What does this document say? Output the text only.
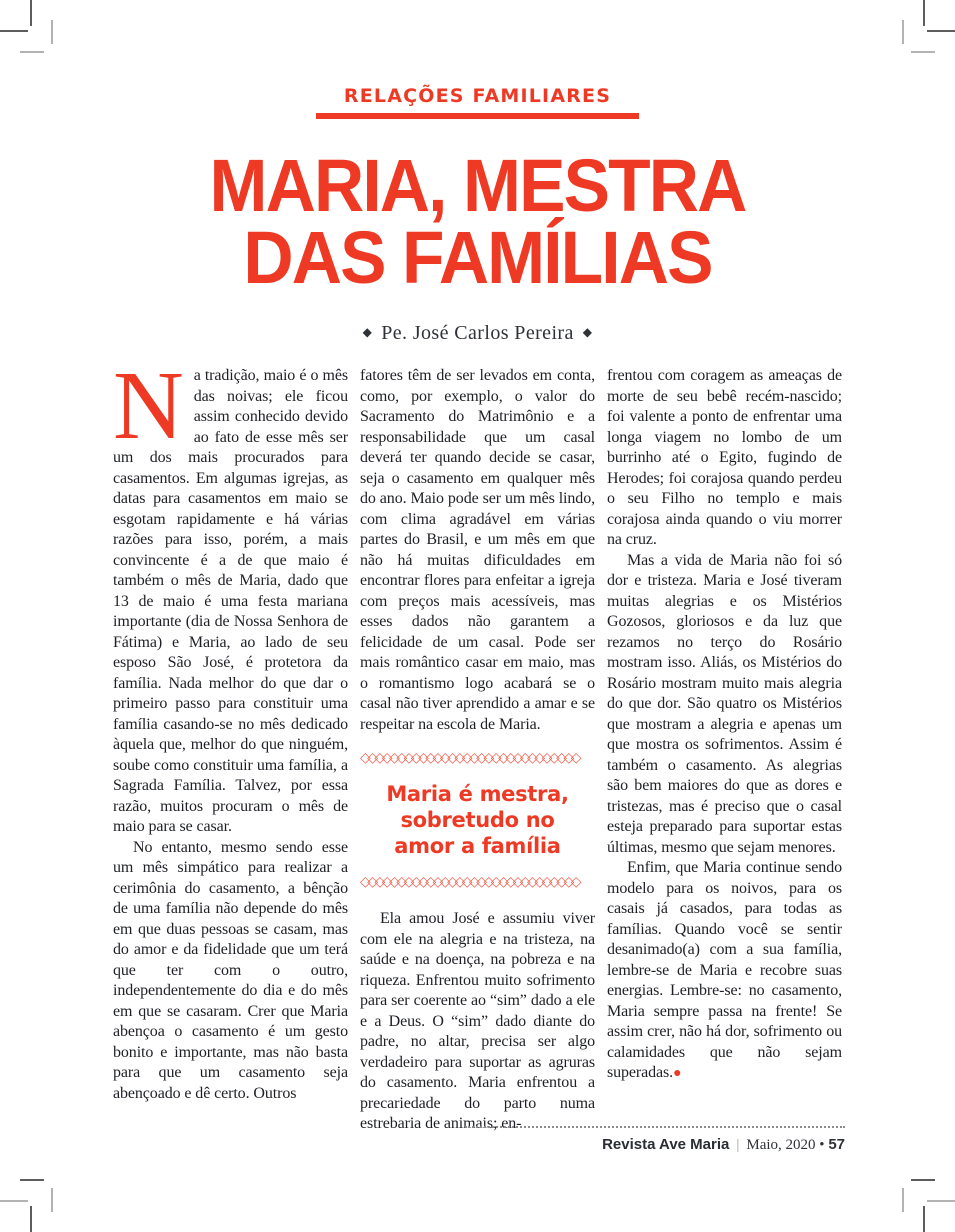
RELAÇÕES FAMILIARES
MARIA, MESTRA
DAS FAMÍLIAS
◆ Pe. José Carlos Pereira ◆

Na tradição, maio é o mês das noivas; ele ficou assim conhecido devido ao fato de esse mês ser um dos mais procurados para casamentos. Em algumas igrejas, as datas para casamentos em maio se esgotam rapidamente e há várias razões para isso, porém, a mais convincente é a de que maio é também o mês de Maria, dado que 13 de maio é uma festa mariana importante (dia de Nossa Senhora de Fátima) e Maria, ao lado de seu esposo São José, é protetora da família. Nada melhor do que dar o primeiro passo para constituir uma família casando-se no mês dedicado àquela que, melhor do que ninguém, soube como constituir uma família, a Sagrada Família. Talvez, por essa razão, muitos procuram o mês de maio para se casar.

No entanto, mesmo sendo esse um mês simpático para realizar a cerimônia do casamento, a bênção de uma família não depende do mês em que duas pessoas se casam, mas do amor e da fidelidade que um terá que ter com o outro, independentemente do dia e do mês em que se casaram. Crer que Maria abençoa o casamento é um gesto bonito e importante, mas não basta para que um casamento seja abençoado e dê certo. Outros

fatores têm de ser levados em conta, como, por exemplo, o valor do Sacramento do Matrimônio e a responsabilidade que um casal deverá ter quando decide se casar, seja o casamento em qualquer mês do ano. Maio pode ser um mês lindo, com clima agradável em várias partes do Brasil, e um mês em que não há muitas dificuldades em encontrar flores para enfeitar a igreja com preços mais acessíveis, mas esses dados não garantem a felicidade de um casal. Pode ser mais romântico casar em maio, mas o romantismo logo acabará se o casal não tiver aprendido a amar e se respeitar na escola de Maria.

◇◇◇◇◇◇◇◇◇◇◇◇◇◇◇◇◇◇◇◇◇◇◇◇◇◇◇◇◇◇
Maria é mestra,
sobretudo no
amor a família
◇◇◇◇◇◇◇◇◇◇◇◇◇◇◇◇◇◇◇◇◇◇◇◇◇◇◇◇◇◇

Ela amou José e assumiu viver com ele na alegria e na tristeza, na saúde e na doença, na pobreza e na riqueza. Enfrentou muito sofrimento para ser coerente ao “sim” dado a ele e a Deus. O “sim” dado diante do padre, no altar, precisa ser algo verdadeiro para suportar as agruras do casamento. Maria enfrentou a precariedade do parto numa estrebaria de animais; en-

frentou com coragem as ameaças de morte de seu bebê recém-nascido; foi valente a ponto de enfrentar uma longa viagem no lombo de um burrinho até o Egito, fugindo de Herodes; foi corajosa quando perdeu o seu Filho no templo e mais corajosa ainda quando o viu morrer na cruz.

Mas a vida de Maria não foi só dor e tristeza. Maria e José tiveram muitas alegrias e os Mistérios Gozosos, gloriosos e da luz que rezamos no terço do Rosário mostram isso. Aliás, os Mistérios do Rosário mostram muito mais alegria do que dor. São quatro os Mistérios que mostram a alegria e apenas um que mostra os sofrimentos. Assim é também o casamento. As alegrias são bem maiores do que as dores e tristezas, mas é preciso que o casal esteja preparado para suportar estas últimas, mesmo que sejam menores.

Enfim, que Maria continue sendo modelo para os noivos, para os casais já casados, para todas as famílias. Quando você se sentir desanimado(a) com a sua família, lembre-se de Maria e recobre suas energias. Lembre-se: no casamento, Maria sempre passa na frente! Se assim crer, não há dor, sofrimento ou calamidades que não sejam superadas.●

Revista Ave Maria | Maio, 2020 • 57
